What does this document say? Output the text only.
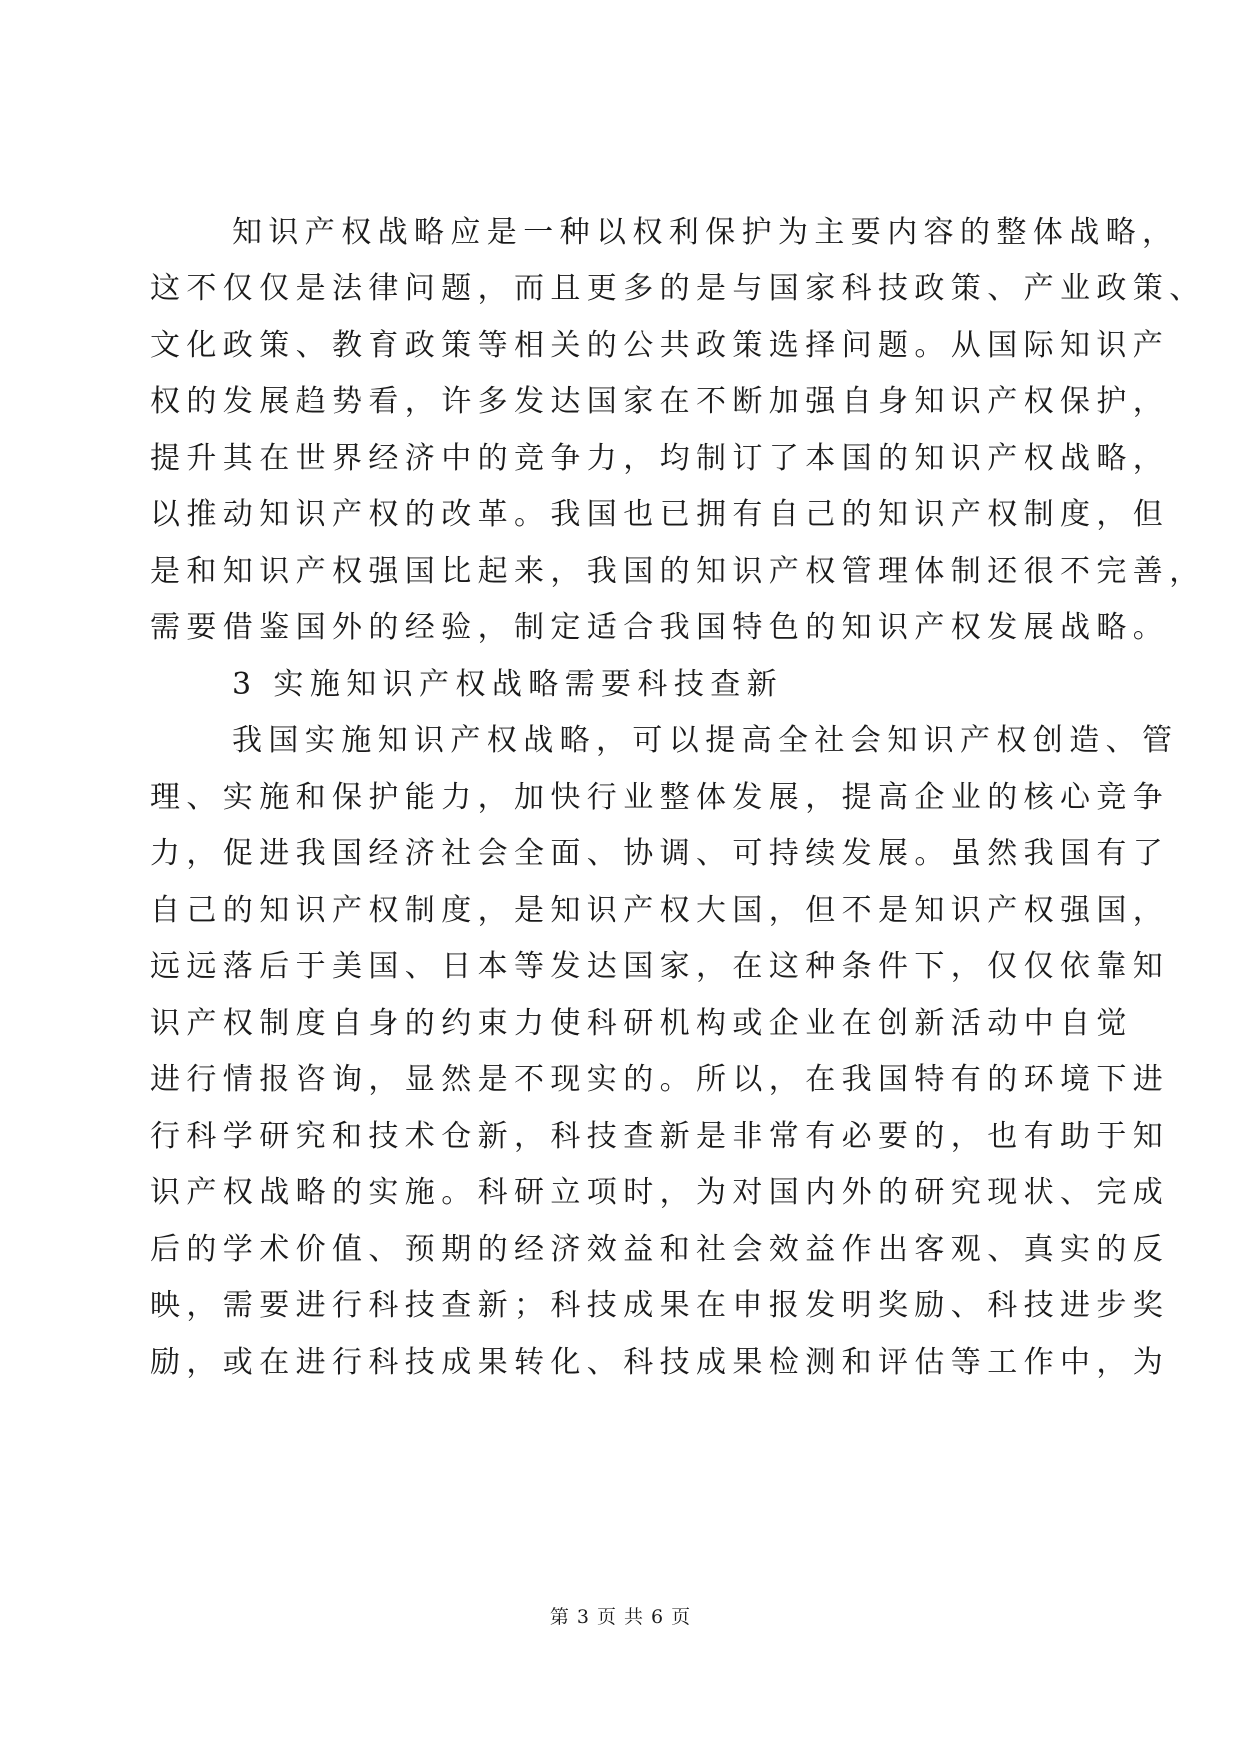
知识产权战略应是一种以权利保护为主要内容的整体战略，
这不仅仅是法律问题，而且更多的是与国家科技政策、产业政策、
文化政策、教育政策等相关的公共政策选择问题。从国际知识产
权的发展趋势看，许多发达国家在不断加强自身知识产权保护，
提升其在世界经济中的竞争力，均制订了本国的知识产权战略，
以推动知识产权的改革。我国也已拥有自己的知识产权制度，但
是和知识产权强国比起来，我国的知识产权管理体制还很不完善，
需要借鉴国外的经验，制定适合我国特色的知识产权发展战略。
3 实施知识产权战略需要科技查新
我国实施知识产权战略，可以提高全社会知识产权创造、管
理、实施和保护能力，加快行业整体发展，提高企业的核心竞争
力，促进我国经济社会全面、协调、可持续发展。虽然我国有了
自己的知识产权制度，是知识产权大国，但不是知识产权强国，
远远落后于美国、日本等发达国家，在这种条件下，仅仅依靠知
识产权制度自身的约束力使科研机构或企业在创新活动中自觉
进行情报咨询，显然是不现实的。所以，在我国特有的环境下进
行科学研究和技术仓新，科技查新是非常有必要的，也有助于知
识产权战略的实施。科研立项时，为对国内外的研究现状、完成
后的学术价值、预期的经济效益和社会效益作出客观、真实的反
映，需要进行科技查新；科技成果在申报发明奖励、科技进步奖
励，或在进行科技成果转化、科技成果检测和评估等工作中，为
第 3 页 共 6 页
